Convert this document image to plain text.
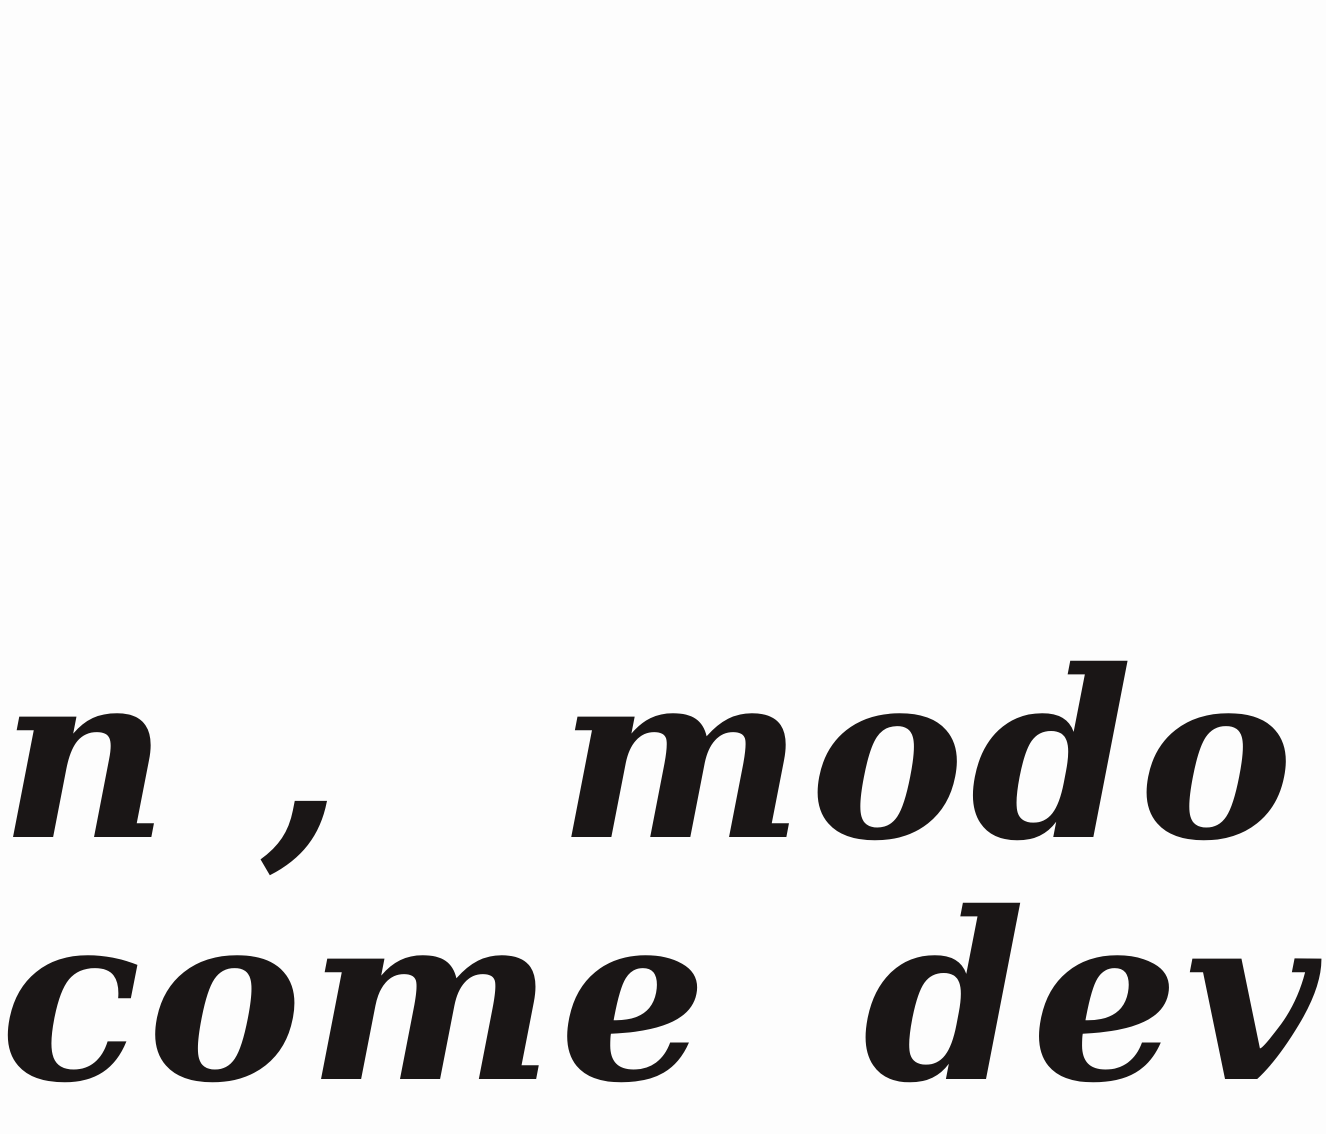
n , modo
come dev
